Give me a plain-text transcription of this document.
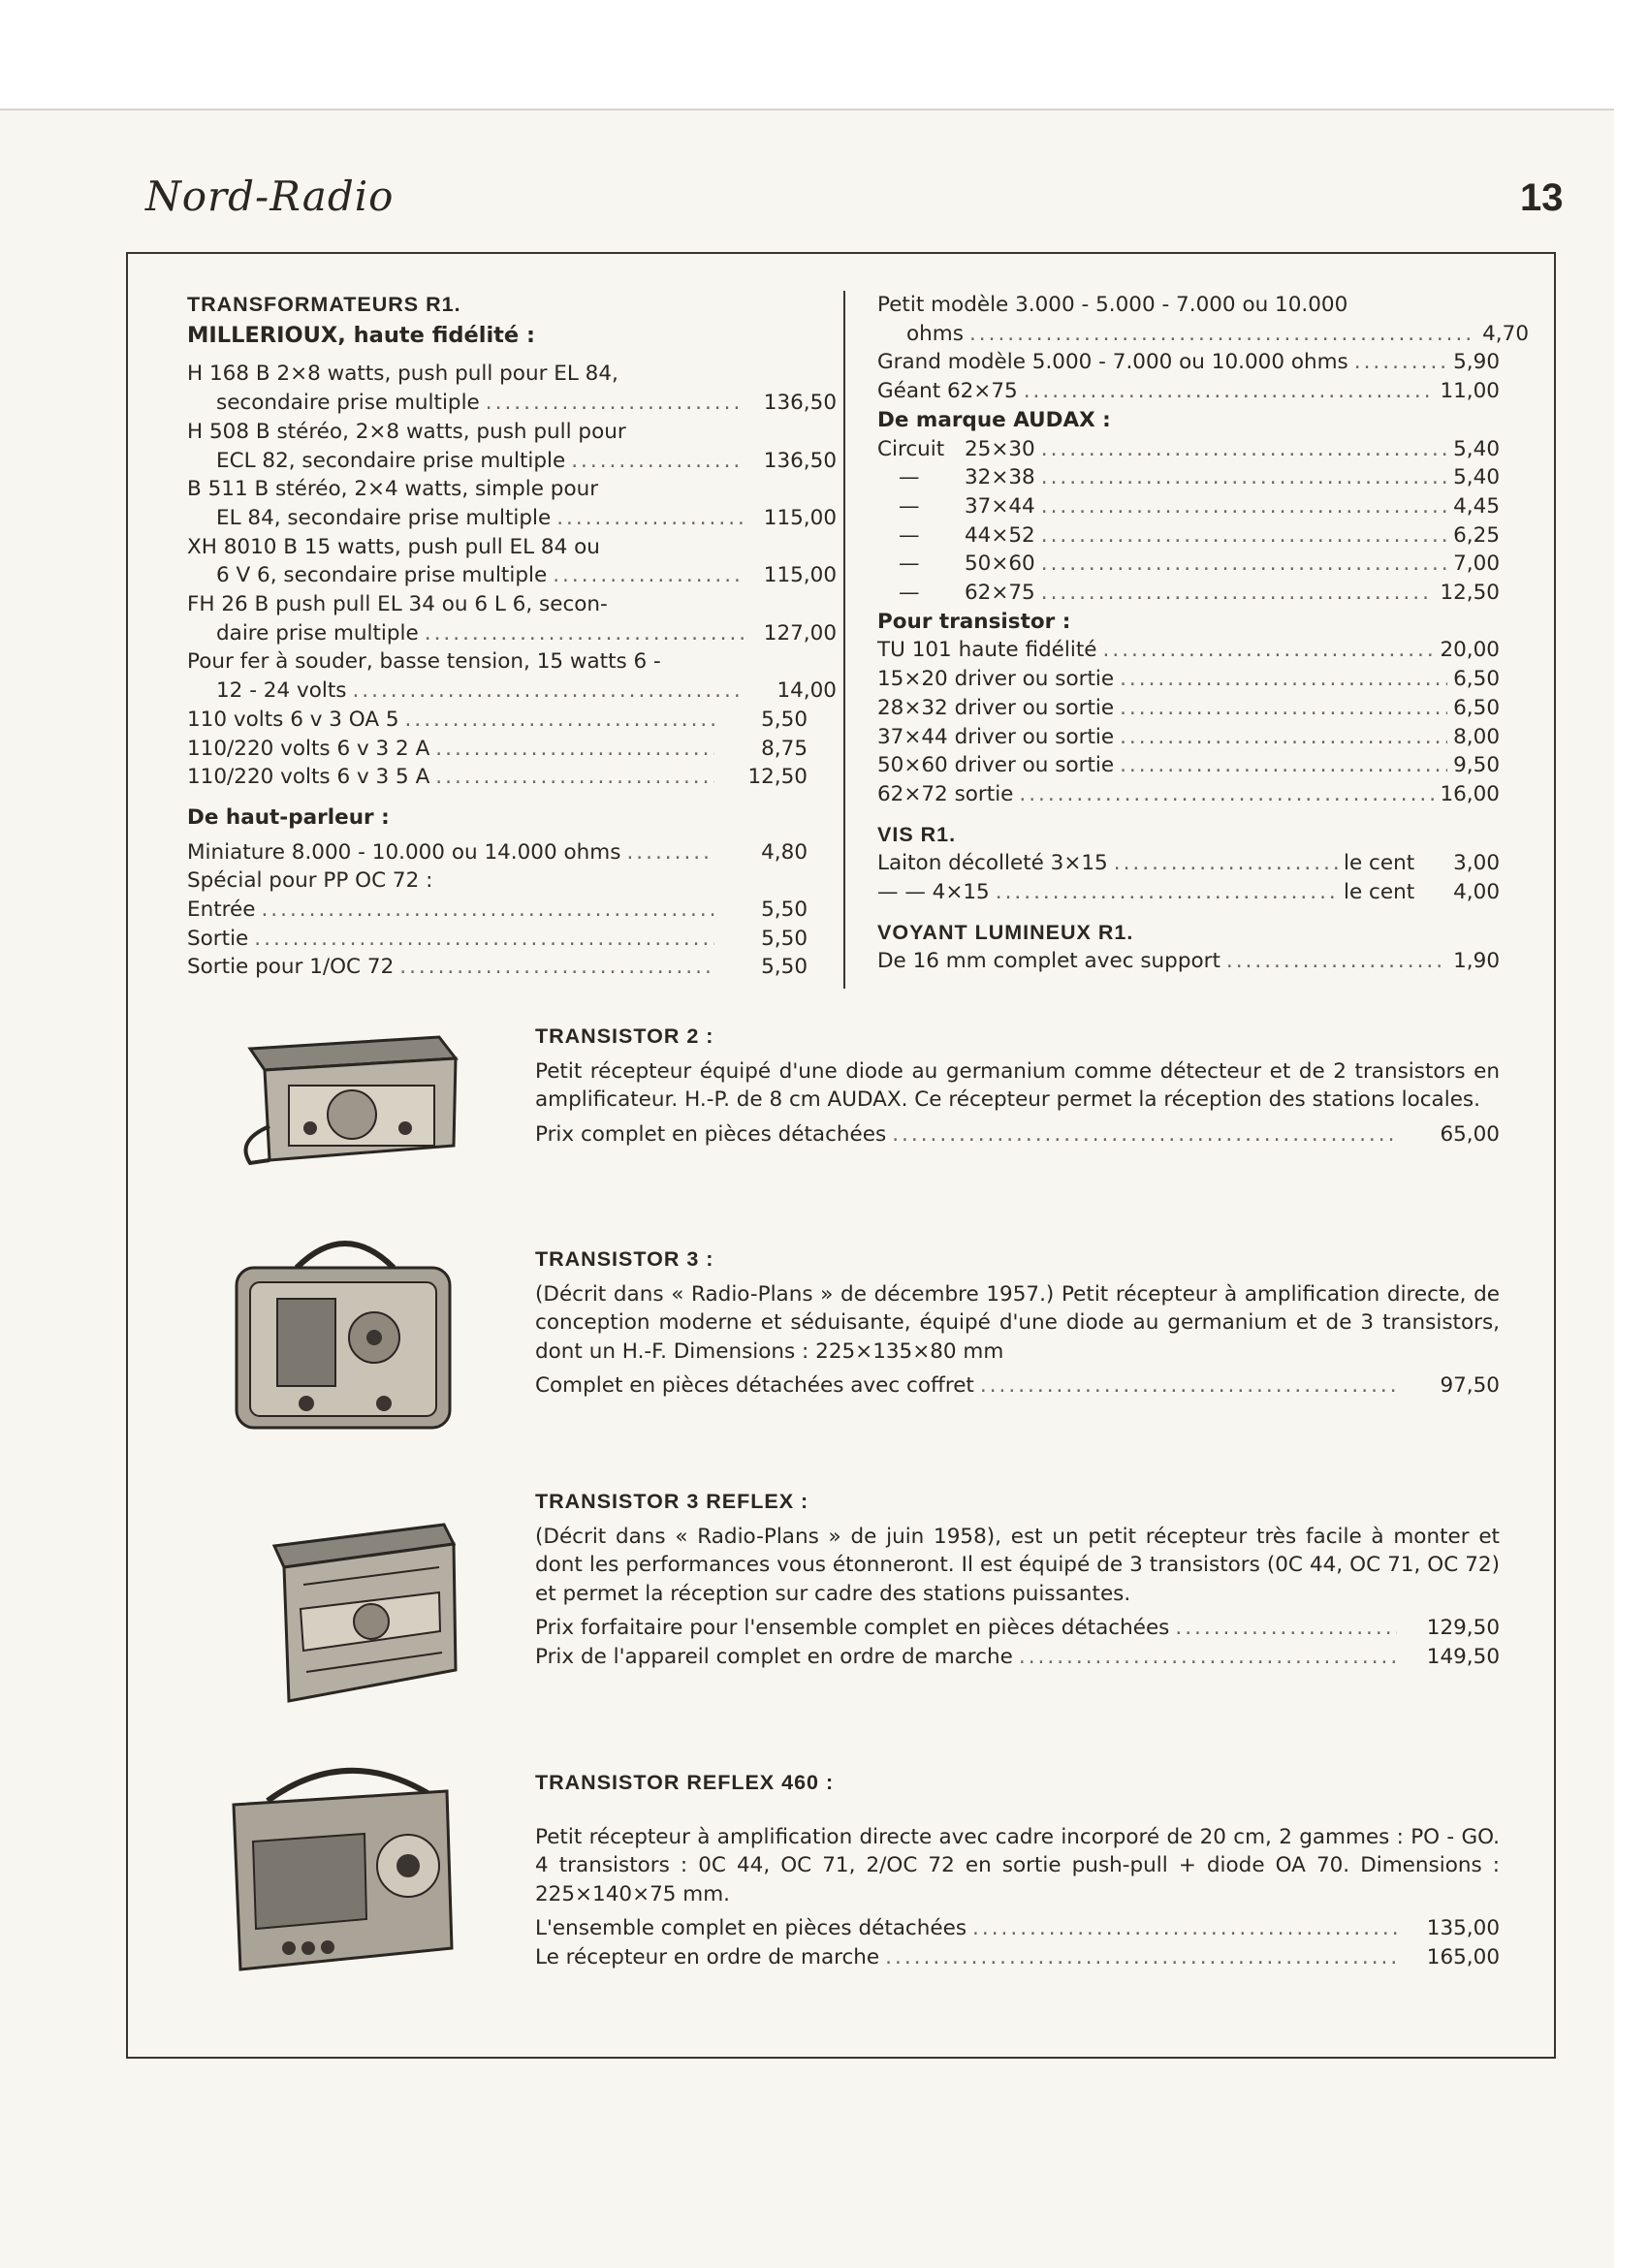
Nord-Radio	13
TRANSFORMATEURS R1.
MILLERIOUX, haute fidélité :
H 168 B 2×8 watts, push pull pour EL 84,
secondaire prise multiple .....	136,50
H 508 B stéréo, 2×8 watts, push pull pour
ECL 82, secondaire prise multiple .....	136,50
B 511 B stéréo, 2×4 watts, simple pour
EL 84, secondaire prise multiple .....	115,00
XH 8010 B 15 watts, push pull EL 84 ou
6 V 6, secondaire prise multiple .....	115,00
FH 26 B push pull EL 34 ou 6 L 6, secon-
daire prise multiple .....	127,00
Pour fer à souder, basse tension, 15 watts 6 -
12 - 24 volts .....	14,00
110 volts 6 v 3 OA 5 .....	5,50
110/220 volts 6 v 3 2 A .....	8,75
110/220 volts 6 v 3 5 A .....	12,50
De haut-parleur :
Miniature 8.000 - 10.000 ou 14.000 ohms .....	4,80
Spécial pour PP OC 72 :
Entrée .....	5,50
Sortie .....	5,50
Sortie pour 1/OC 72 .....	5,50
Petit modèle 3.000 - 5.000 - 7.000 ou 10.000
ohms .....	4,70
Grand modèle 5.000 - 7.000 ou 10.000 ohms .....	5,90
Géant 62×75 .....	11,00
De marque AUDAX :
Circuit 25×30 .....	5,40
—	32×38 .....	5,40
—	37×44 .....	4,45
—	44×52 .....	6,25
—	50×60 .....	7,00
—	62×75 .....	12,50
Pour transistor :
TU 101 haute fidélité .....	20,00
15×20 driver ou sortie .....	6,50
28×32 driver ou sortie .....	6,50
37×44 driver ou sortie .....	8,00
50×60 driver ou sortie .....	9,50
62×72 sortie .....	16,00
VIS R1.
Laiton décolleté 3×15 .....	le cent 3,00
— — 4×15 .....	le cent 4,00
VOYANT LUMINEUX R1.
De 16 mm complet avec support .....	1,90
TRANSISTOR 2 :
Petit récepteur équipé d'une diode au germanium comme détecteur et de 2 transistors en amplificateur. H.-P. de 8 cm AUDAX. Ce récepteur permet la réception des stations locales.
Prix complet en pièces détachées .....	65,00
TRANSISTOR 3 :
(Décrit dans « Radio-Plans » de décembre 1957.) Petit récepteur à amplification directe, de conception moderne et séduisante, équipé d'une diode au germanium et de 3 transistors, dont un H.-F. Dimensions : 225×135×80 mm
Complet en pièces détachées avec coffret .....	97,50
TRANSISTOR 3 REFLEX :
(Décrit dans « Radio-Plans » de juin 1958), est un petit récepteur très facile à monter et dont les performances vous étonneront. Il est équipé de 3 transistors (0C 44, OC 71, OC 72) et permet la réception sur cadre des stations puissantes.
Prix forfaitaire pour l'ensemble complet en pièces détachées .....	129,50
Prix de l'appareil complet en ordre de marche .....	149,50
TRANSISTOR REFLEX 460 :
Petit récepteur à amplification directe avec cadre incorporé de 20 cm, 2 gammes : PO - GO. 4 transistors : 0C 44, OC 71, 2/OC 72 en sortie push-pull + diode OA 70. Dimensions : 225×140×75 mm.
L'ensemble complet en pièces détachées .....	135,00
Le récepteur en ordre de marche .....	165,00
